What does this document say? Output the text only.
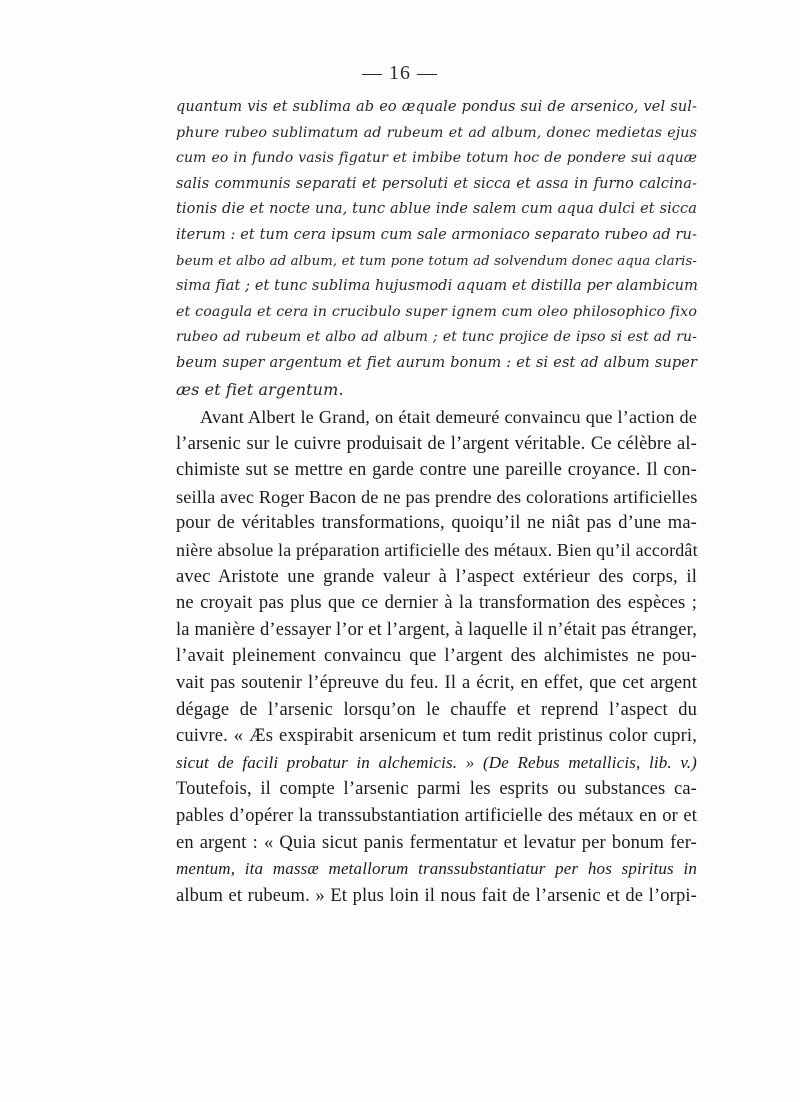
— 16 —
quantum vis et sublima ab eo æquale pondus sui de arsenico, vel sul-
phure rubeo sublimatum ad rubeum et ad album, donec medietas ejus
cum eo in fundo vasis figatur et imbibe totum hoc de pondere sui aquæ
salis communis separati et persoluti et sicca et assa in furno calcina-
tionis die et nocte una, tunc ablue inde salem cum aqua dulci et sicca
iterum : et tum cera ipsum cum sale armoniaco separato rubeo ad ru-
beum et albo ad album, et tum pone totum ad solvendum donec aqua claris-
sima fiat ; et tunc sublima hujusmodi aquam et distilla per alambicum
et coagula et cera in crucibulo super ignem cum oleo philosophico fixo
rubeo ad rubeum et albo ad album ; et tunc projice de ipso si est ad ru-
beum super argentum et fiet aurum bonum : et si est ad album super
æs et fiet argentum.
Avant Albert le Grand, on était demeuré convaincu que l’action de
l’arsenic sur le cuivre produisait de l’argent véritable. Ce célèbre al-
chimiste sut se mettre en garde contre une pareille croyance. Il con-
seilla avec Roger Bacon de ne pas prendre des colorations artificielles
pour de véritables transformations, quoiqu’il ne niât pas d’une ma-
nière absolue la préparation artificielle des métaux. Bien qu’il accordât
avec Aristote une grande valeur à l’aspect extérieur des corps, il
ne croyait pas plus que ce dernier à la transformation des espèces ;
la manière d’essayer l’or et l’argent, à laquelle il n’était pas étranger,
l’avait pleinement convaincu que l’argent des alchimistes ne pou-
vait pas soutenir l’épreuve du feu. Il a écrit, en effet, que cet argent
dégage de l’arsenic lorsqu’on le chauffe et reprend l’aspect du
cuivre. « Æs exspirabit arsenicum et tum redit pristinus color cupri,
sicut de facili probatur in alchemicis. » (De Rebus metallicis, lib. v.)
Toutefois, il compte l’arsenic parmi les esprits ou substances ca-
pables d’opérer la transsubstantiation artificielle des métaux en or et
en argent : « Quia sicut panis fermentatur et levatur per bonum fer-
mentum, ita massæ metallorum transsubstantiatur per hos spiritus in
album et rubeum. » Et plus loin il nous fait de l’arsenic et de l’orpi-
